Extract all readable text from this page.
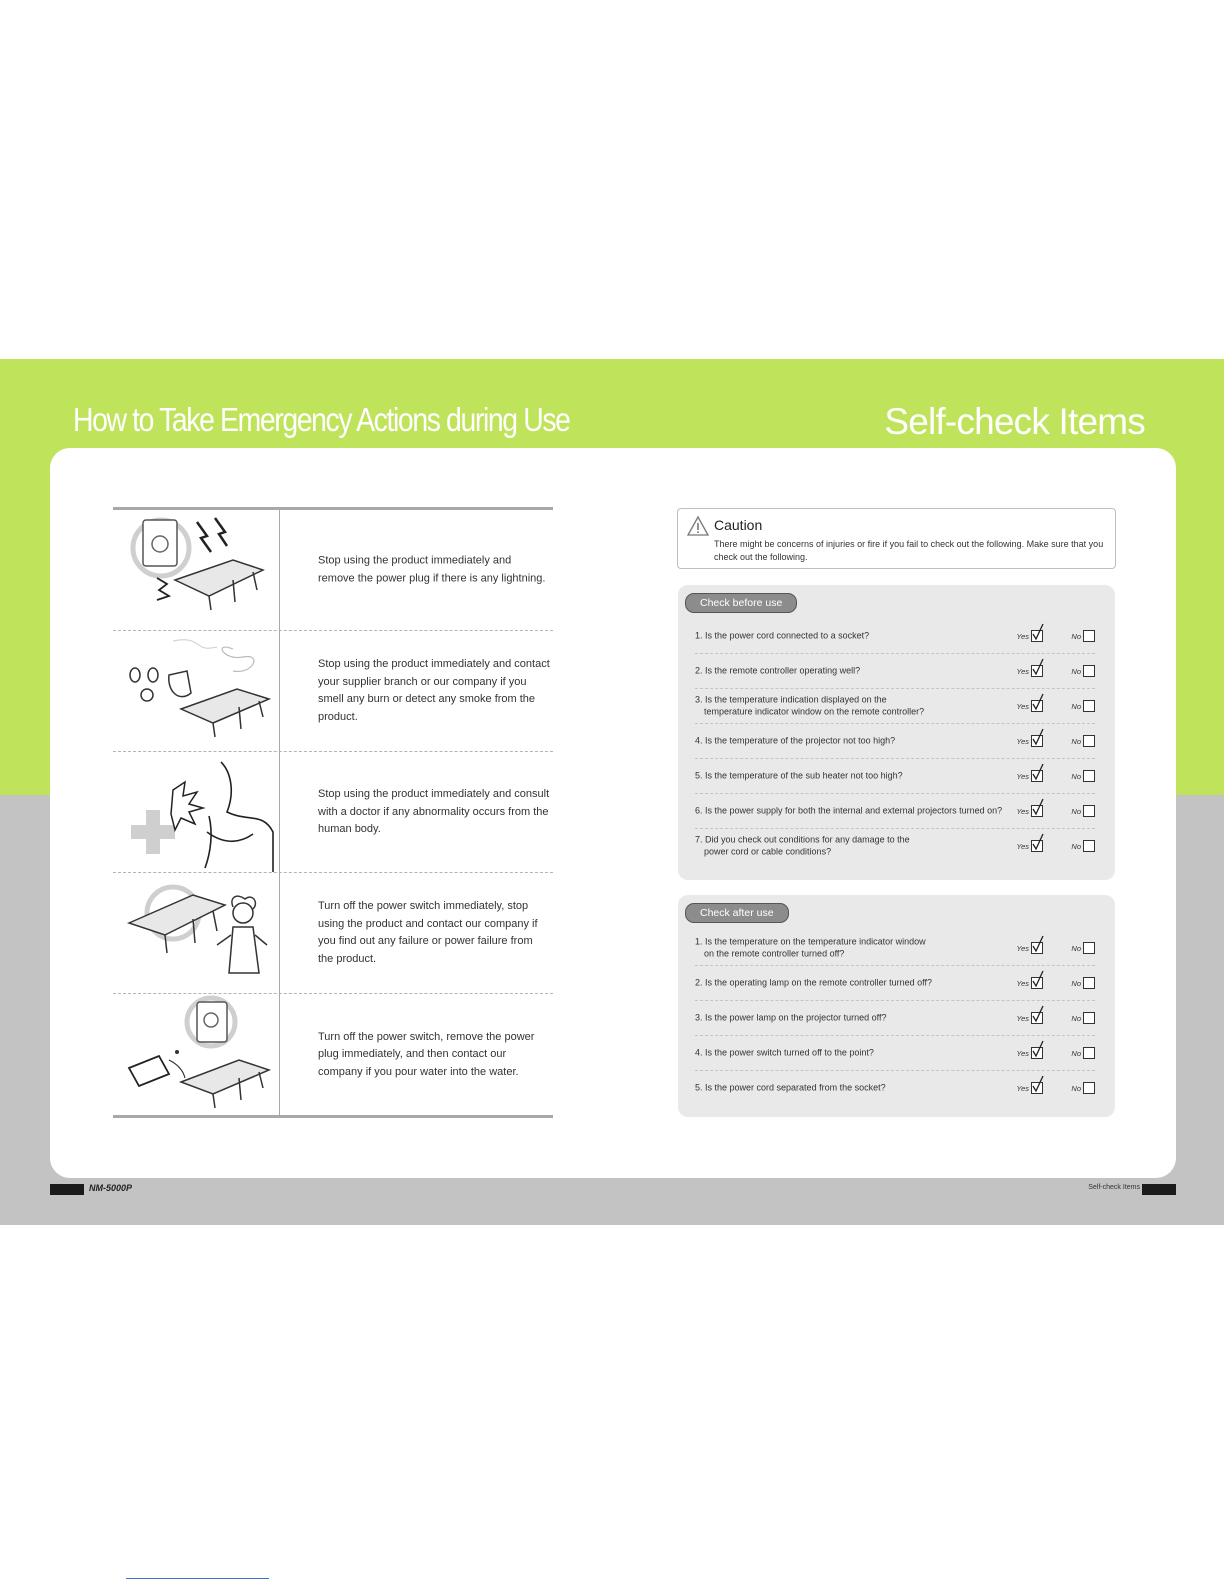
How to Take Emergency Actions during Use	Self-check Items
Stop using the product immediately and remove the power plug if there is any lightning.
Stop using the product immediately and contact your supplier branch or our company if you smell any burn or detect any smoke from the product.
Stop using the product immediately and consult with a doctor if any abnormality occurs from the human body.
Turn off the power switch immediately, stop using the product and contact our company if you find out any failure or power failure from the product.
Turn off the power switch, remove the power plug immediately, and then contact our company if you pour water into the water.
Caution
There might be concerns of injuries or fire if you fail to check out the following. Make sure that you check out the following.
Check before use
1. Is the power cord connected to a socket?	Yes	No
2. Is the remote controller operating well?	Yes	No
3. Is the temperature indication displayed on the
temperature indicator window on the remote controller?	Yes	No
4. Is the temperature of the projector not too high?	Yes	No
5. Is the temperature of the sub heater not too high?	Yes	No
6. Is the power supply for both the internal and external projectors turned on? Yes	No
7. Did you check out conditions for any damage to the
power cord or cable conditions?	Yes	No
Check after use
1. Is the temperature on the temperature indicator window
on the remote controller turned off?	Yes	No
2. Is the operating lamp on the remote controller turned off?	Yes	No
3. Is the power lamp on the projector turned off?	Yes	No
4. Is the power switch turned off to the point?	Yes	No
5. Is the power cord separated from the socket?	Yes	No
NM-5000P	Self-check Items
